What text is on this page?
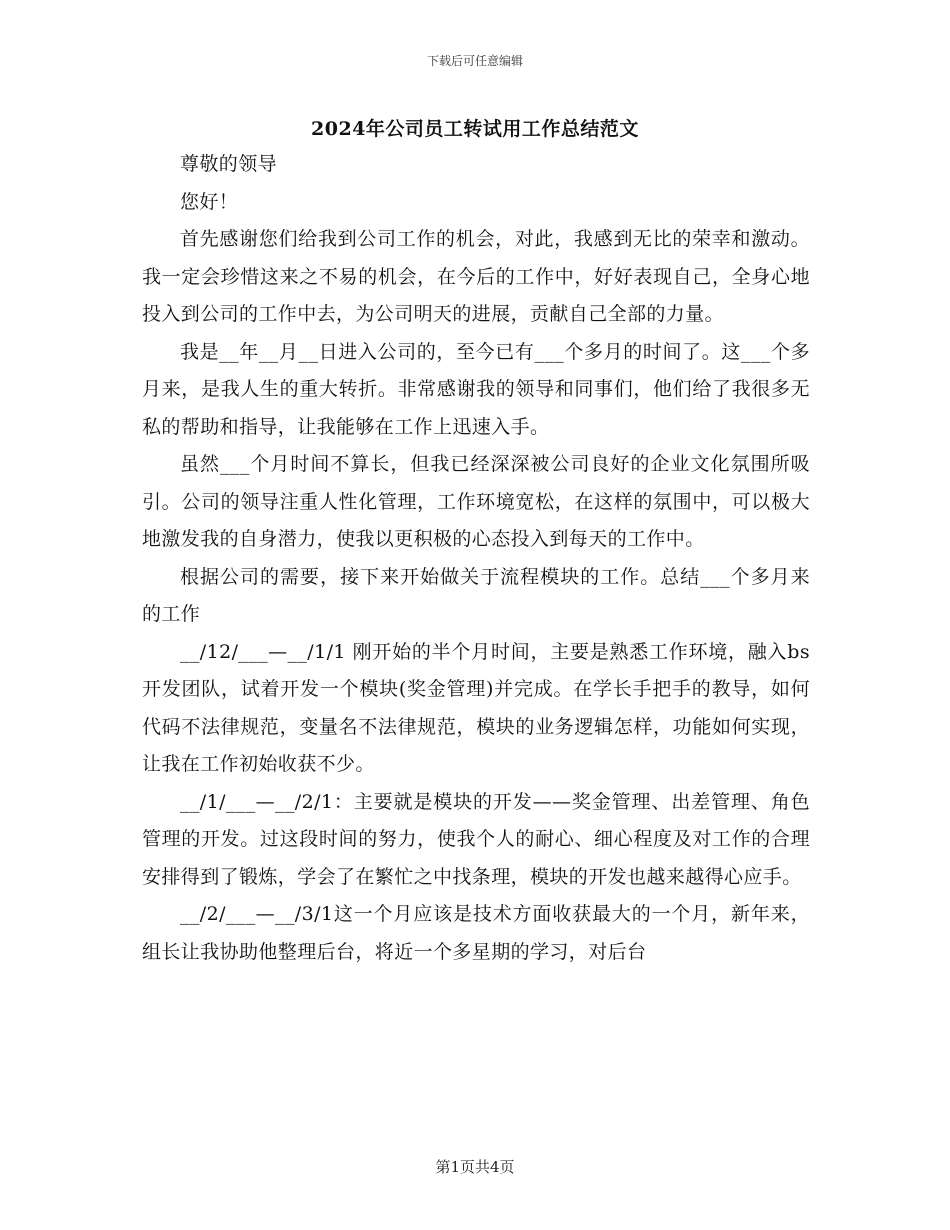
下载后可任意编辑
2024年公司员工转试用工作总结范文

尊敬的领导

您好！

首先感谢您们给我到公司工作的机会，对此，我感到无比的荣幸和激动。我一定会珍惜这来之不易的机会，在今后的工作中，好好表现自己，全身心地投入到公司的工作中去，为公司明天的进展，贡献自己全部的力量。

我是__年__月__日进入公司的，至今已有___个多月的时间了。这___个多月来，是我人生的重大转折。非常感谢我的领导和同事们，他们给了我很多无私的帮助和指导，让我能够在工作上迅速入手。

虽然___个月时间不算长，但我已经深深被公司良好的企业文化氛围所吸引。公司的领导注重人性化管理，工作环境宽松，在这样的氛围中，可以极大地激发我的自身潜力，使我以更积极的心态投入到每天的工作中。

根据公司的需要，接下来开始做关于流程模块的工作。总结___个多月来的工作

__/12/___—__/1/1 刚开始的半个月时间，主要是熟悉工作环境，融入bs开发团队，试着开发一个模块(奖金管理)并完成。在学长手把手的教导，如何代码不法律规范，变量名不法律规范，模块的业务逻辑怎样，功能如何实现，让我在工作初始收获不少。

__/1/___—__/2/1：主要就是模块的开发——奖金管理、出差管理、角色管理的开发。过这段时间的努力，使我个人的耐心、细心程度及对工作的合理安排得到了锻炼，学会了在繁忙之中找条理，模块的开发也越来越得心应手。

__/2/___—__/3/1这一个月应该是技术方面收获最大的一个月，新年来，组长让我协助他整理后台，将近一个多星期的学习，对后台

第1页共4页
